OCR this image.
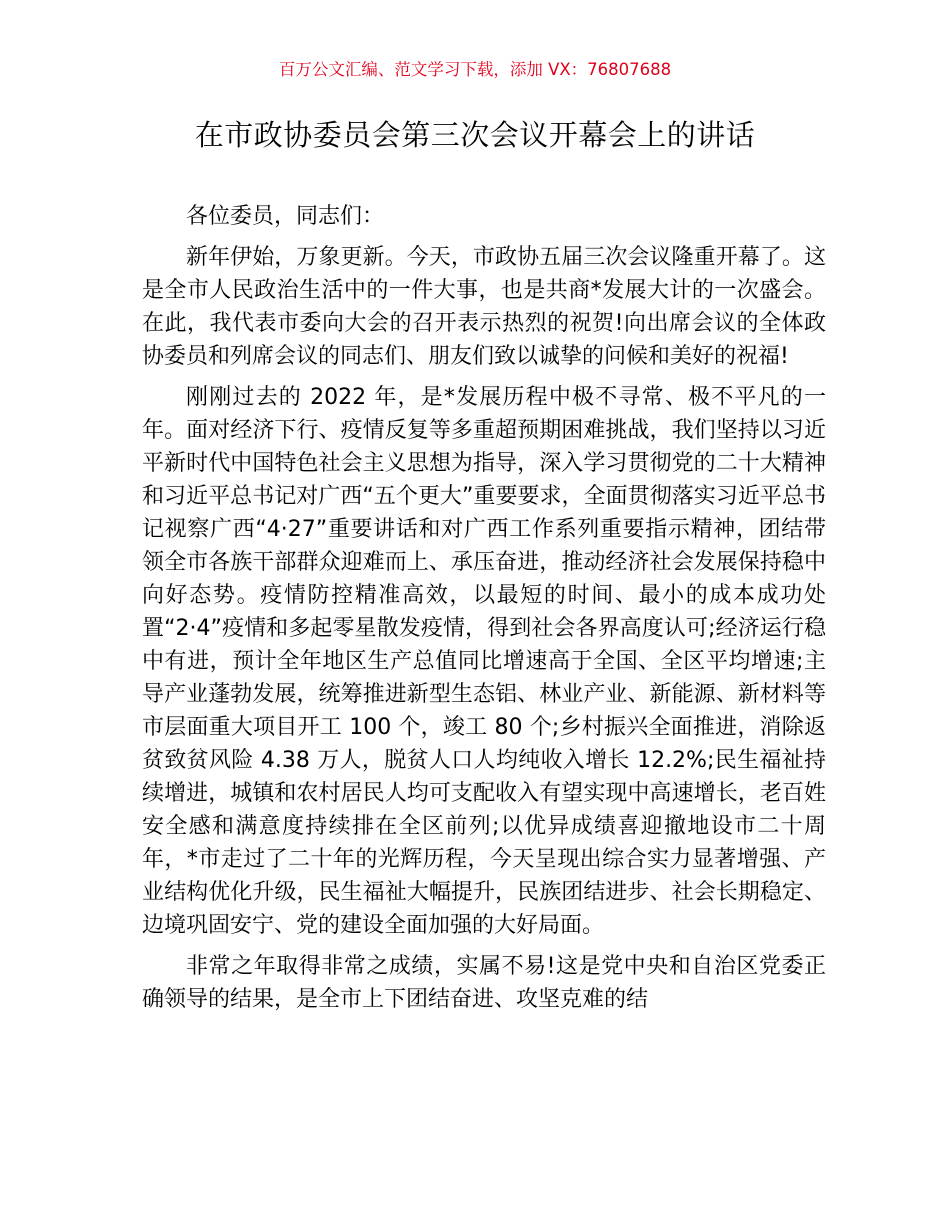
百万公文汇编、范文学习下载，添加 VX：76807688
在市政协委员会第三次会议开幕会上的讲话

各位委员，同志们：

新年伊始，万象更新。今天，市政协五届三次会议隆重开幕了。这是全市人民政治生活中的一件大事，也是共商*发展大计的一次盛会。在此，我代表市委向大会的召开表示热烈的祝贺!向出席会议的全体政协委员和列席会议的同志们、朋友们致以诚挚的问候和美好的祝福!

刚刚过去的 2022 年，是*发展历程中极不寻常、极不平凡的一年。面对经济下行、疫情反复等多重超预期困难挑战，我们坚持以习近平新时代中国特色社会主义思想为指导，深入学习贯彻党的二十大精神和习近平总书记对广西“五个更大”重要要求，全面贯彻落实习近平总书记视察广西“4·27”重要讲话和对广西工作系列重要指示精神，团结带领全市各族干部群众迎难而上、承压奋进，推动经济社会发展保持稳中向好态势。疫情防控精准高效，以最短的时间、最小的成本成功处置“2·4”疫情和多起零星散发疫情，得到社会各界高度认可;经济运行稳中有进，预计全年地区生产总值同比增速高于全国、全区平均增速;主导产业蓬勃发展，统筹推进新型生态铝、林业产业、新能源、新材料等市层面重大项目开工 100 个，竣工 80 个;乡村振兴全面推进，消除返贫致贫风险 4.38 万人，脱贫人口人均纯收入增长 12.2%;民生福祉持续增进，城镇和农村居民人均可支配收入有望实现中高速增长，老百姓安全感和满意度持续排在全区前列;以优异成绩喜迎撤地设市二十周年，*市走过了二十年的光辉历程，今天呈现出综合实力显著增强、产业结构优化升级，民生福祉大幅提升，民族团结进步、社会长期稳定、边境巩固安宁、党的建设全面加强的大好局面。

非常之年取得非常之成绩，实属不易!这是党中央和自治区党委正确领导的结果，是全市上下团结奋进、攻坚克难的结
